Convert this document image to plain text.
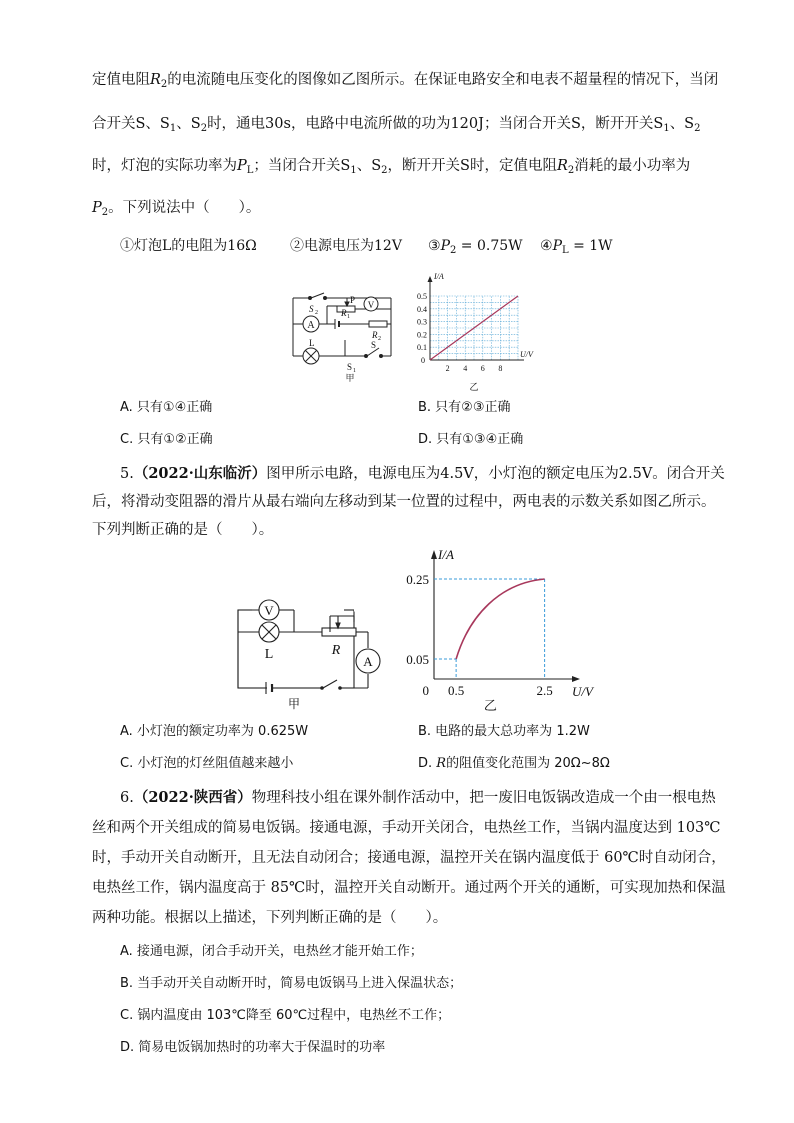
定值电阻$R_2$的电流随电压变化的图像如乙图所示。在保证电路安全和电表不超量程的情况下，当闭
合开关S、$S_1$、$S_2$时，通电30s，电路中电流所做的功为120J；当闭合开关S，断开开关$S_1$、$S_2$
时，灯泡的实际功率为$P_L$；当闭合开关$S_1$、$S_2$，断开开关S时，定值电阻$R_2$消耗的最小功率为
$P_2$。下列说法中（　　）。
①灯泡L的电阻为16Ω ②电源电压为12V $③P_2 = 0.75W$ $④P_L = 1W$
A
V
S 2	R 1
P
R 2
L
S 1
S
甲
0.1
0.2
0.3
0.4
0.5
2 4 6 8
0
I/A
U/V
乙
A. 只有①④正确	B. 只有②③正确
C. 只有①②正确	D. 只有①③④正确
5.（2022·山东临沂）图甲所示电路，电源电压为4.5V，小灯泡的额定电压为2.5V。闭合开关
后，将滑动变阻器的滑片从最右端向左移动到某一位置的过程中，两电表的示数关系如图乙所示。
下列判断正确的是（　　）。
V
A
L	R
甲
I/A
U/V
0.25
0.05
0 0.5	2.5
乙
A. 小灯泡的额定功率为 0.625W	B. 电路的最大总功率为 1.2W
C. 小灯泡的灯丝阻值越来越小	D. R的阻值变化范围为 20Ω~8Ω
6.（2022·陕西省）物理科技小组在课外制作活动中，把一废旧电饭锅改造成一个由一根电热
丝和两个开关组成的简易电饭锅。接通电源，手动开关闭合，电热丝工作，当锅内温度达到 103℃
时，手动开关自动断开，且无法自动闭合；接通电源，温控开关在锅内温度低于 60℃时自动闭合，
电热丝工作，锅内温度高于 85℃时，温控开关自动断开。通过两个开关的通断，可实现加热和保温
两种功能。根据以上描述，下列判断正确的是（　　）。
A. 接通电源，闭合手动开关，电热丝才能开始工作；
B. 当手动开关自动断开时，简易电饭锅马上进入保温状态；
C. 锅内温度由 103℃降至 60℃过程中，电热丝不工作；
D. 简易电饭锅加热时的功率大于保温时的功率
